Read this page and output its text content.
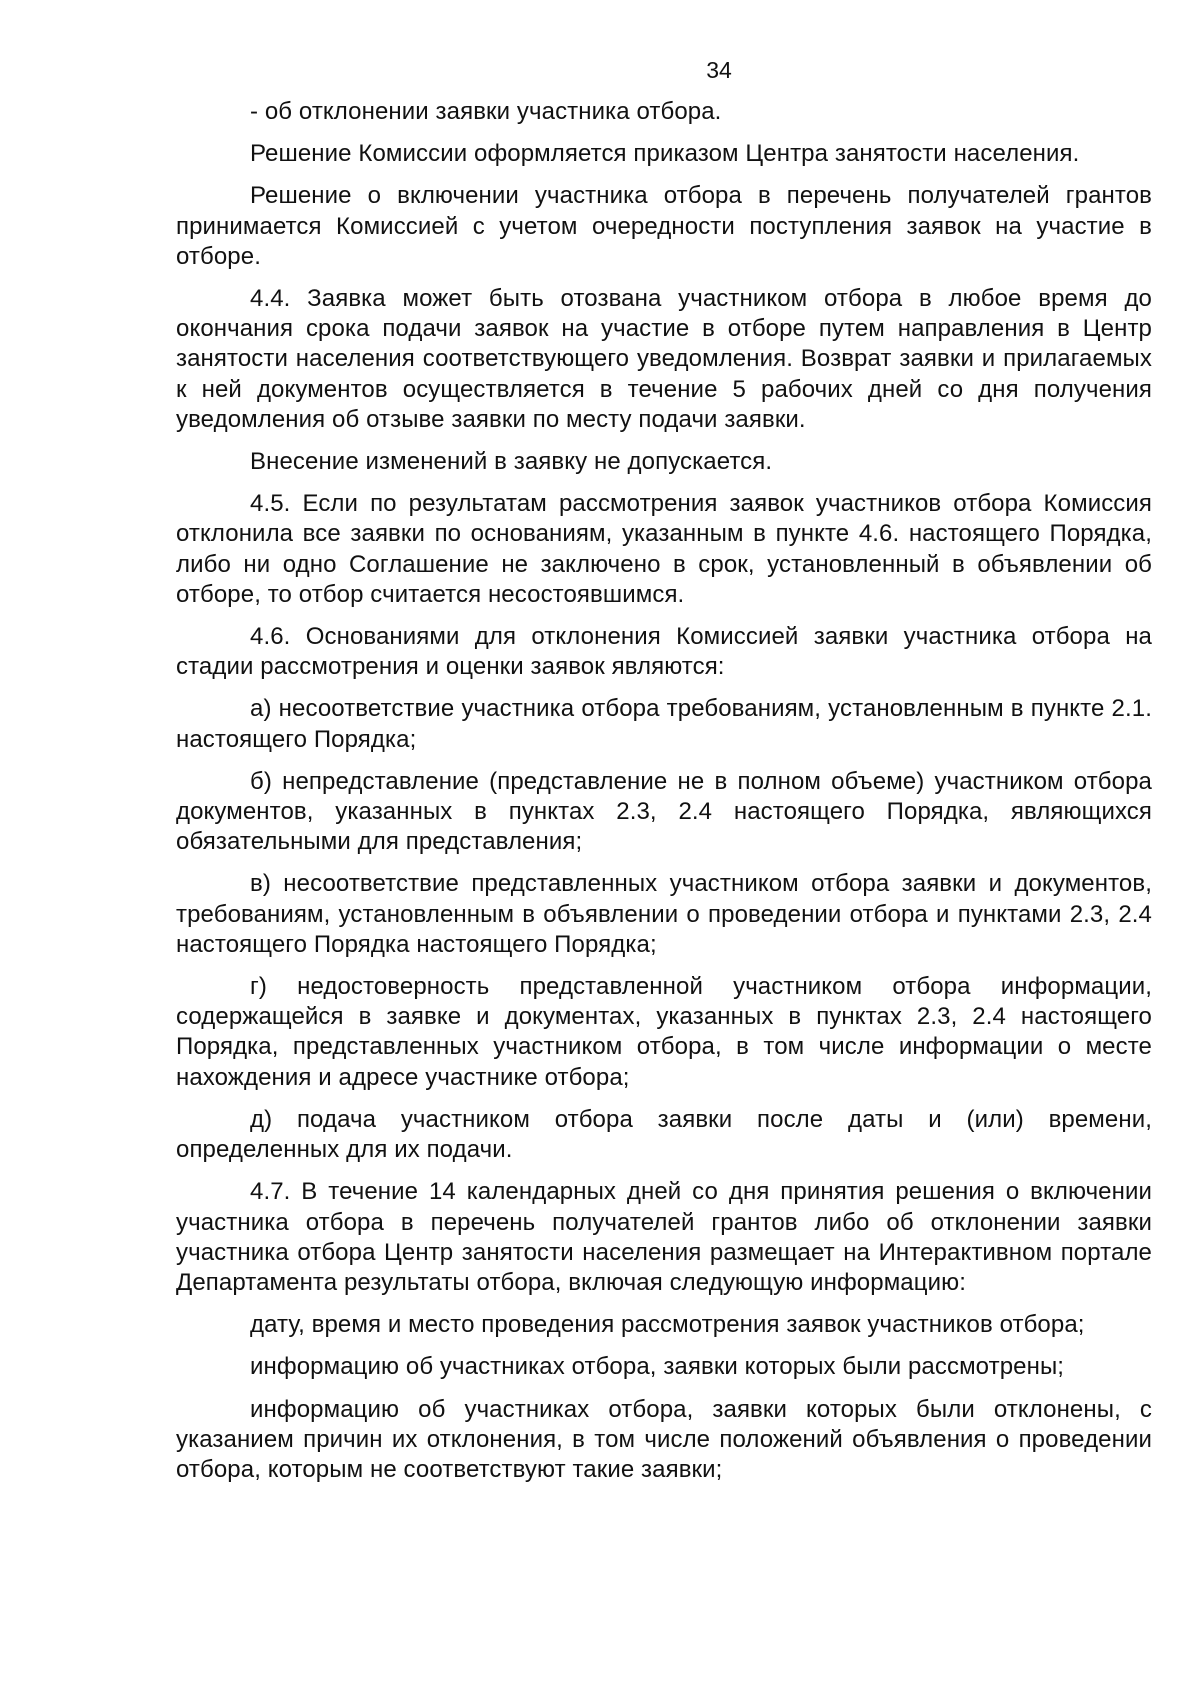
34

- об отклонении заявки участника отбора.

Решение Комиссии оформляется приказом Центра занятости населения.

Решение о включении участника отбора в перечень получателей грантов принимается Комиссией с учетом очередности поступления заявок на участие в отборе.

4.4. Заявка может быть отозвана участником отбора в любое время до окончания срока подачи заявок на участие в отборе путем направления в Центр занятости населения соответствующего уведомления. Возврат заявки и прилагаемых к ней документов осуществляется в течение 5 рабочих дней со дня получения уведомления об отзыве заявки по месту подачи заявки.

Внесение изменений в заявку не допускается.

4.5. Если по результатам рассмотрения заявок участников отбора Комиссия отклонила все заявки по основаниям, указанным в пункте 4.6. настоящего Порядка, либо ни одно Соглашение не заключено в срок, установленный в объявлении об отборе, то отбор считается несостоявшимся.

4.6. Основаниями для отклонения Комиссией заявки участника отбора на стадии рассмотрения и оценки заявок являются:

а) несоответствие участника отбора требованиям, установленным в пункте 2.1. настоящего Порядка;

б) непредставление (представление не в полном объеме) участником отбора документов, указанных в пунктах 2.3, 2.4 настоящего Порядка, являющихся обязательными для представления;

в) несоответствие представленных участником отбора заявки и документов, требованиям, установленным в объявлении о проведении отбора и пунктами 2.3, 2.4 настоящего Порядка настоящего Порядка;

г) недостоверность представленной участником отбора информации, содержащейся в заявке и документах, указанных в пунктах 2.3, 2.4 настоящего Порядка, представленных участником отбора, в том числе информации о месте нахождения и адресе участнике отбора;

д) подача участником отбора заявки после даты и (или) времени, определенных для их подачи.

4.7. В течение 14 календарных дней со дня принятия решения о включении участника отбора в перечень получателей грантов либо об отклонении заявки участника отбора Центр занятости населения размещает на Интерактивном портале Департамента результаты отбора, включая следующую информацию:

дату, время и место проведения рассмотрения заявок участников отбора;

информацию об участниках отбора, заявки которых были рассмотрены;

информацию об участниках отбора, заявки которых были отклонены, с указанием причин их отклонения, в том числе положений объявления о проведении отбора, которым не соответствуют такие заявки;
